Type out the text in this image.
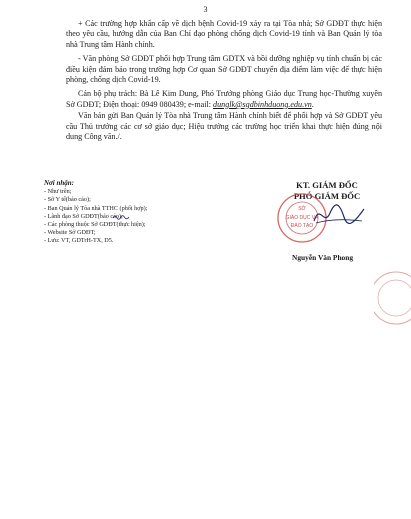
3

+ Các trường hợp khẩn cấp về dịch bệnh Covid-19 xảy ra tại Tòa nhà; Sở GDĐT thực hiện theo yêu cầu, hướng dẫn của Ban Chỉ đạo phòng chống dịch Covid-19 tỉnh và Ban Quản lý tòa nhà Trung tâm Hành chính.

- Văn phòng Sở GDĐT phối hợp Trung tâm GDTX và bồi dưỡng nghiệp vụ tỉnh chuẩn bị các điều kiện đảm bảo trong trường hợp Cơ quan Sở GDĐT chuyển địa điểm làm việc để thực hiện phòng, chống dịch Covid-19.

Cán bộ phụ trách: Bà Lê Kim Dung, Phó Trưởng phòng Giáo dục Trung học-Thường xuyên Sở GDĐT; Điện thoại: 0949 080439; e-mail: dunglk@sgdbinhduong.edu.vn.

Văn bản gửi Ban Quản lý Tòa nhà Trung tâm Hành chính biết để phối hợp và Sở GDĐT yêu cầu Thủ trưởng các cơ sở giáo dục; Hiệu trưởng các trường học triển khai thực hiện đúng nội dung Công văn./.

Nơi nhận:
- Như trên;
- Sở Y tế(báo cáo);
- Ban Quản lý Tòa nhà TTHC (phối hợp);
- Lãnh đạo Sở GDĐT(báo cáo);
- Các phòng thuộc Sở GDĐT(thực hiện);
- Website Sở GDĐT;
- Lưu: VT, GDTrH-TX, D5.
KT. GIÁM ĐỐC
PHÓ GIÁM ĐỐC
SỞ
GIÁO DỤC VÀ
ĐÀO TẠO
Nguyễn Văn Phong
